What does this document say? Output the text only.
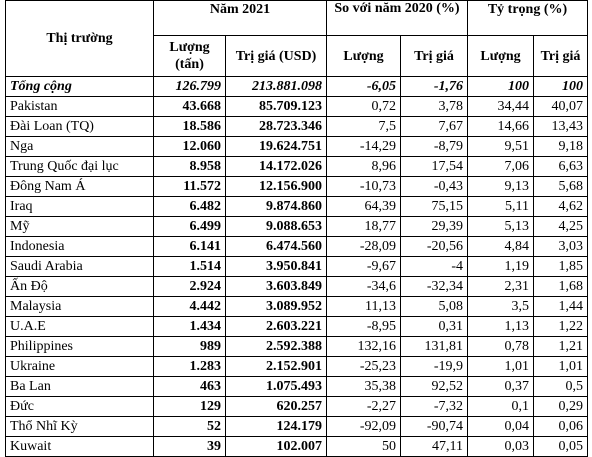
Thị trường	Năm 2021		So với năm 2020 (%)		Tỷ trọng (%)	
	Lượng (tấn)	Trị giá (USD)	Lượng	Trị giá	Lượng	Trị giá
Tổng cộng	126.799	213.881.098	-6,05	-1,76	100	100
Pakistan	43.668	85.709.123	0,72	3,78	34,44	40,07
Đài Loan (TQ)	18.586	28.723.346	7,5	7,67	14,66	13,43
Nga	12.060	19.624.751	-14,29	-8,79	9,51	9,18
Trung Quốc đại lục	8.958	14.172.026	8,96	17,54	7,06	6,63
Đông Nam Á	11.572	12.156.900	-10,73	-0,43	9,13	5,68
Iraq	6.482	9.874.860	64,39	75,15	5,11	4,62
Mỹ	6.499	9.088.653	18,77	29,39	5,13	4,25
Indonesia	6.141	6.474.560	-28,09	-20,56	4,84	3,03
Saudi Arabia	1.514	3.950.841	-9,67	-4	1,19	1,85
Ấn Độ	2.924	3.603.849	-34,6	-32,34	2,31	1,68
Malaysia	4.442	3.089.952	11,13	5,08	3,5	1,44
U.A.E	1.434	2.603.221	-8,95	0,31	1,13	1,22
Philippines	989	2.592.388	132,16	131,81	0,78	1,21
Ukraine	1.283	2.152.901	-25,23	-19,9	1,01	1,01
Ba Lan	463	1.075.493	35,38	92,52	0,37	0,5
Đức	129	620.257	-2,27	-7,32	0,1	0,29
Thổ Nhĩ Kỳ	52	124.179	-92,09	-90,74	0,04	0,06
Kuwait	39	102.007	50	47,11	0,03	0,05
